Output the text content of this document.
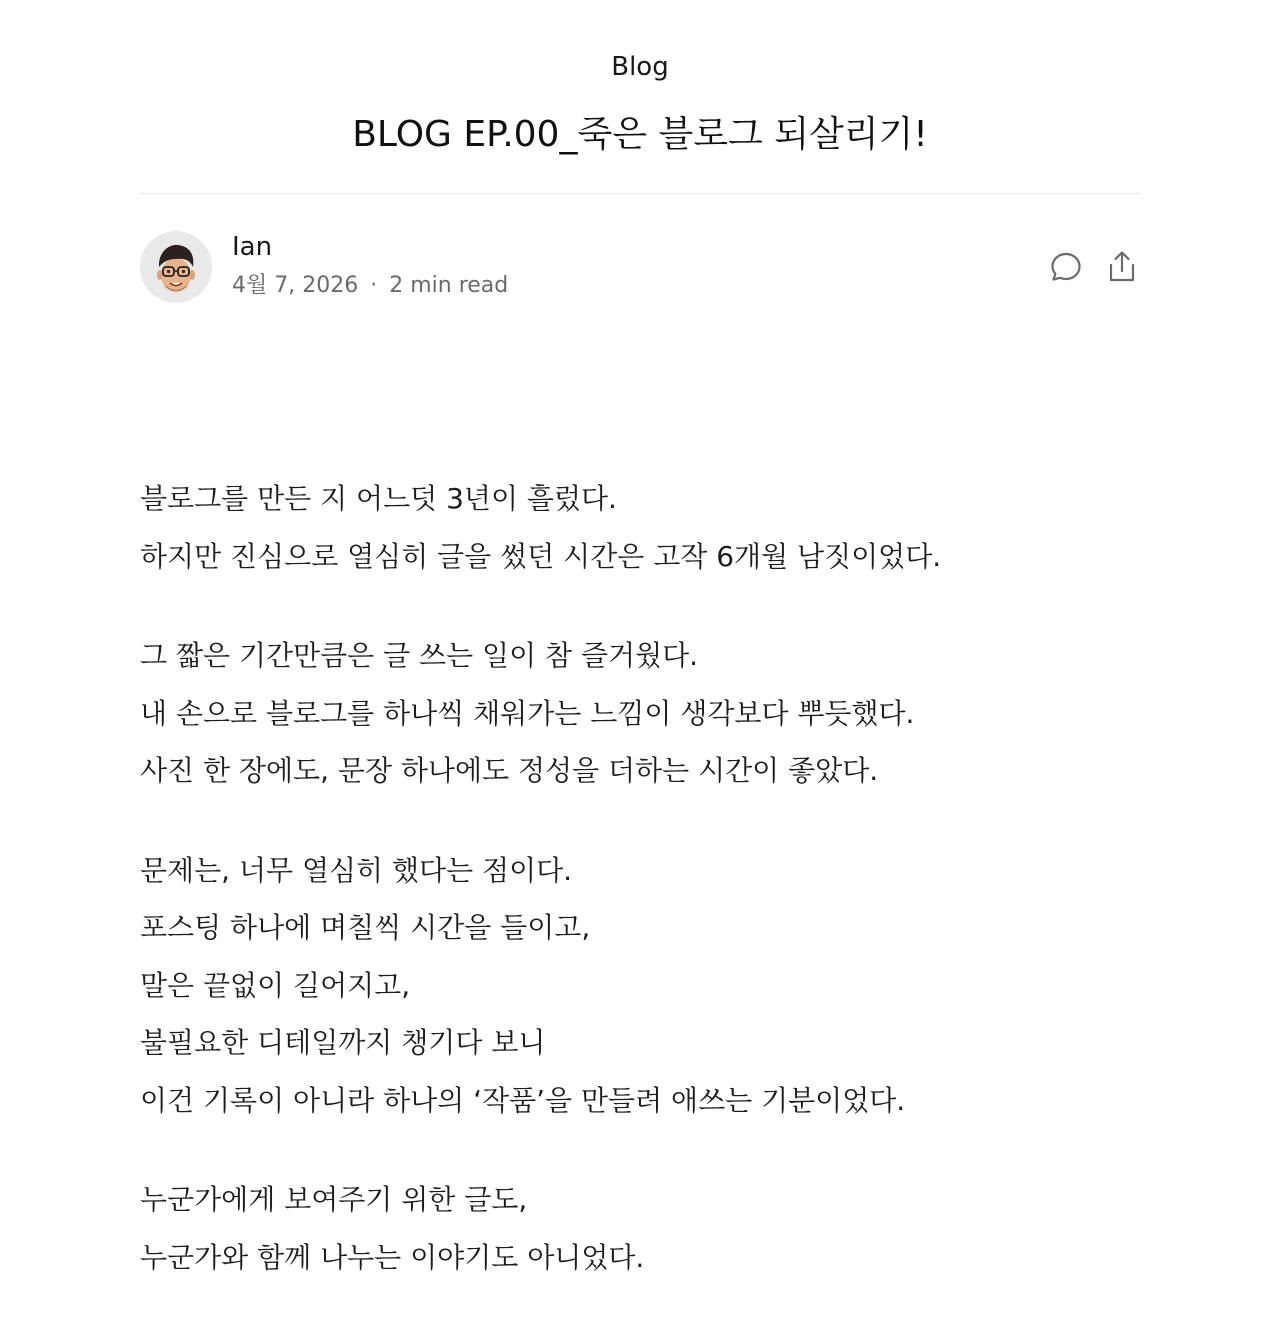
Blog
BLOG EP.00_죽은 블로그 되살리기!
Ian
4월 7, 2026 · 2 min read

블로그를 만든 지 어느덧 3년이 흘렀다.
하지만 진심으로 열심히 글을 썼던 시간은 고작 6개월 남짓이었다.

그 짧은 기간만큼은 글 쓰는 일이 참 즐거웠다.
내 손으로 블로그를 하나씩 채워가는 느낌이 생각보다 뿌듯했다.
사진 한 장에도, 문장 하나에도 정성을 더하는 시간이 좋았다.

문제는, 너무 열심히 했다는 점이다.
포스팅 하나에 며칠씩 시간을 들이고,
말은 끝없이 길어지고,
불필요한 디테일까지 챙기다 보니
이건 기록이 아니라 하나의 ‘작품’을 만들려 애쓰는 기분이었다.

누군가에게 보여주기 위한 글도,
누군가와 함께 나누는 이야기도 아니었다.
